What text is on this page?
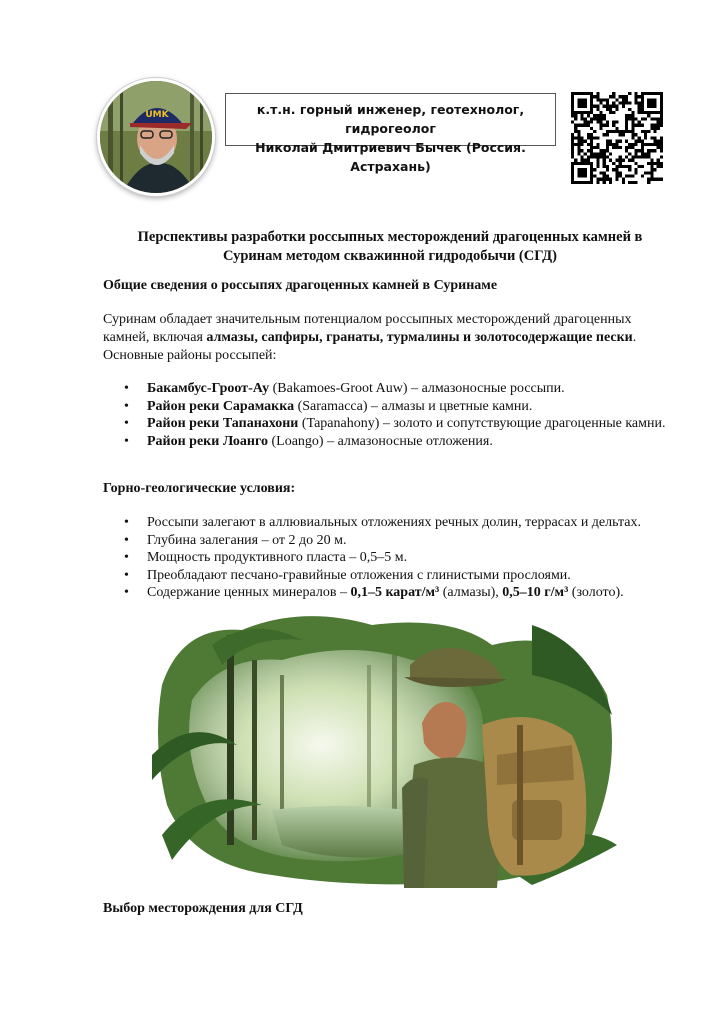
UMK	к.т.н. горный инженер, геотехнолог, гидрогеолог
Николай Дмитриевич Бычек (Россия. Астрахань)
Перспективы разработки россыпных месторождений драгоценных камней в
Суринам методом скважинной гидродобычи (СГД)
Общие сведения о россыпях драгоценных камней в Суринаме
Суринам обладает значительным потенциалом россыпных месторождений драгоценных камней, включая алмазы, сапфиры, гранаты, турмалины и золотосодержащие пески. Основные районы россыпей:
• Бакамбус-Гроот-Ау (Bakamoes-Groot Auw) – алмазоносные россыпи.
• Район реки Сарамакка (Saramacca) – алмазы и цветные камни.
• Район реки Тапанахони (Tapanahony) – золото и сопутствующие драгоценные камни.
• Район реки Лоанго (Loango) – алмазоносные отложения.
Горно-геологические условия:
• Россыпи залегают в аллювиальных отложениях речных долин, террасах и дельтах.
• Глубина залегания – от 2 до 20 м.
• Мощность продуктивного пласта – 0,5–5 м.
• Преобладают песчано-гравийные отложения с глинистыми прослоями.
• Содержание ценных минералов – 0,1–5 карат/м³ (алмазы), 0,5–10 г/м³ (золото).
Выбор месторождения для СГД
